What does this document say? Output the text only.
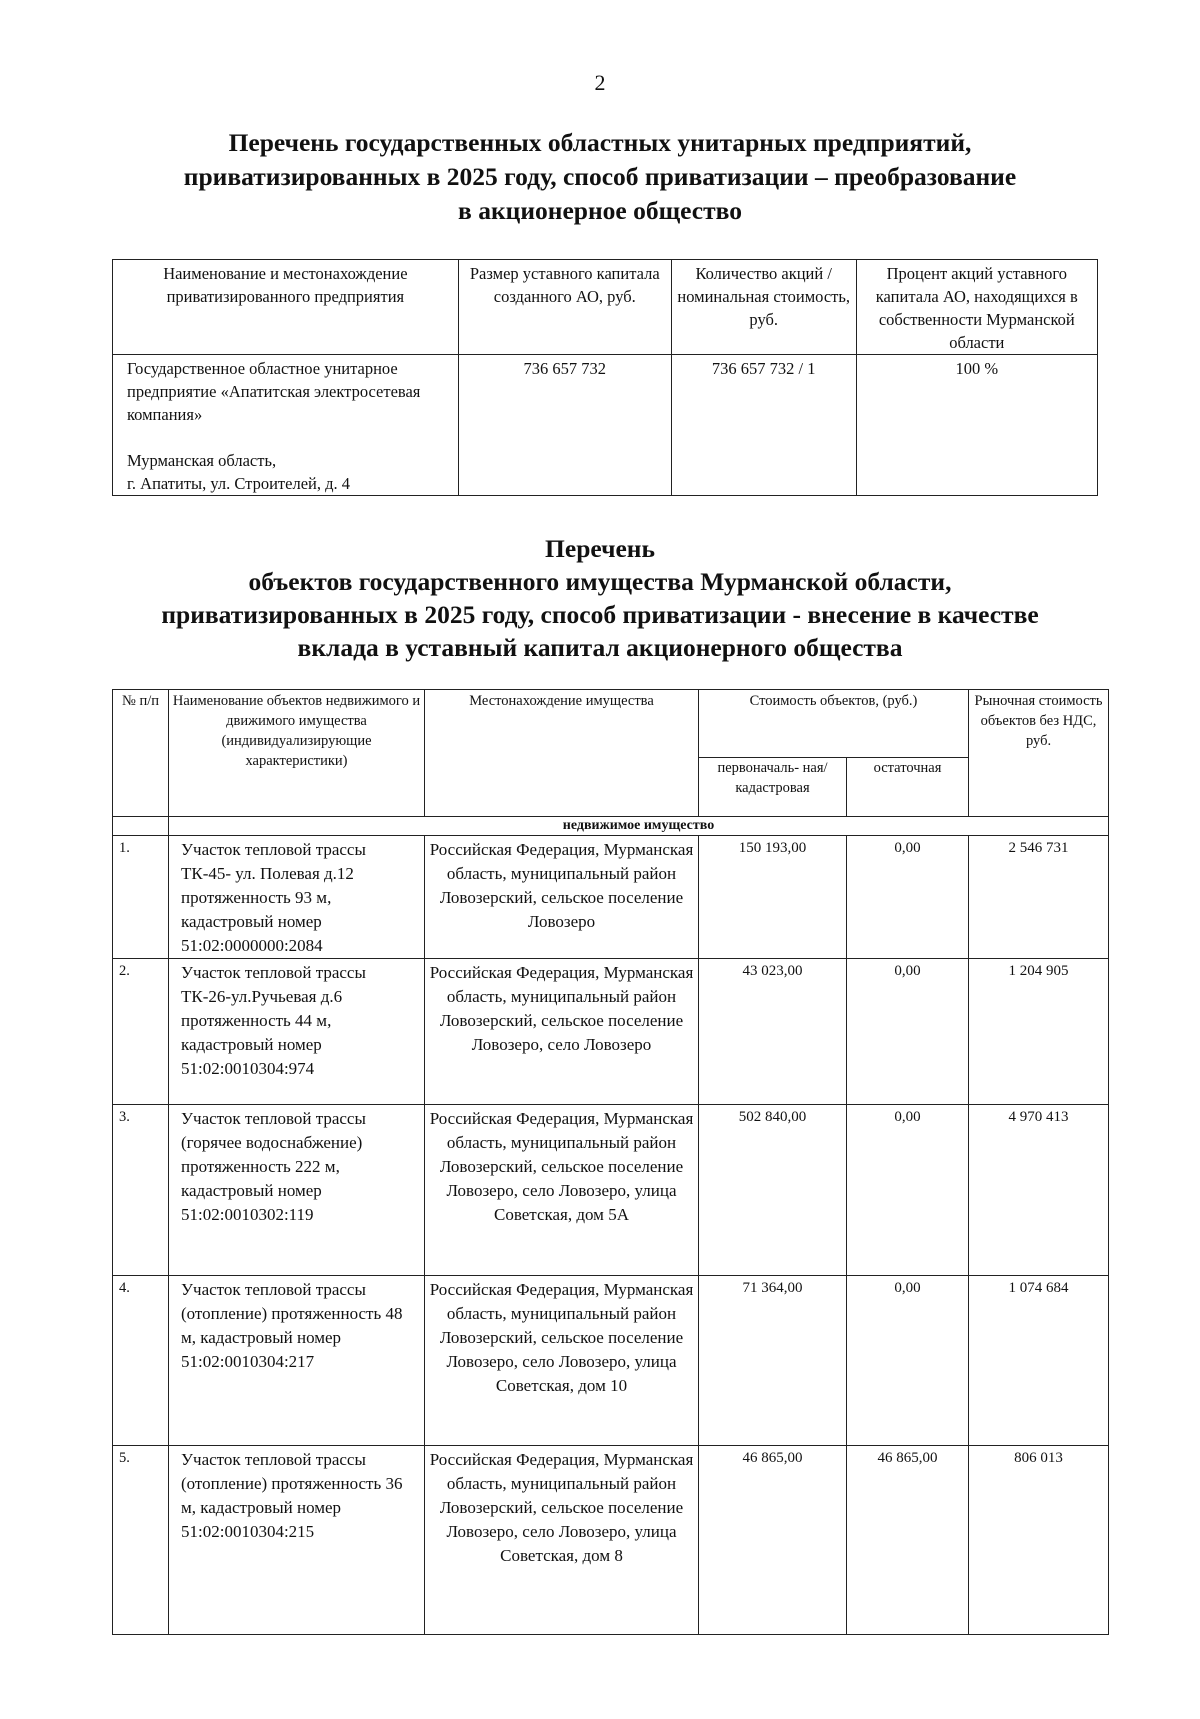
2
Перечень государственных областных унитарных предприятий,
приватизированных в 2025 году, способ приватизации – преобразование
в акционерное общество
Наименование и местонахождение приватизированного предприятия	Размер уставного капитала созданного АО, руб.	Количество акций / номинальная стоимость, руб.	Процент акций уставного капитала АО, находящихся в собственности Мурманской области
Государственное областное унитарное предприятие «Апатитская электросетевая компания»
Мурманская область,
г. Апатиты, ул. Строителей, д. 4	736 657 732	736 657 732 / 1	100 %
Перечень
объектов государственного имущества Мурманской области,
приватизированных в 2025 году, способ приватизации - внесение в качестве
вклада в уставный капитал акционерного общества
№ п/п	Наименование объектов недвижимого и движимого имущества (индивидуализирующие характеристики)	Местонахождение имущества	Стоимость объектов, (руб.)		Рыночная стоимость объектов без НДС, руб.
			первоначаль- ная/ кадастровая	остаточная	
	недвижимое имущество				
1.	Участок тепловой трассы ТК-45- ул. Полевая д.12 протяженность 93 м, кадастровый номер 51:02:0000000:2084	Российская Федерация, Мурманская область, муниципальный район Ловозерский, сельское поселение Ловозеро	150 193,00	0,00	2 546 731
2.	Участок тепловой трассы ТК-26-ул.Ручьевая д.6 протяженность 44 м, кадастровый номер 51:02:0010304:974	Российская Федерация, Мурманская область, муниципальный район Ловозерский, сельское поселение Ловозеро, село Ловозеро	43 023,00	0,00	1 204 905
3.	Участок тепловой трассы (горячее водоснабжение) протяженность 222 м, кадастровый номер 51:02:0010302:119	Российская Федерация, Мурманская область, муниципальный район Ловозерский, сельское поселение Ловозеро, село Ловозеро, улица Советская, дом 5А	502 840,00	0,00	4 970 413
4.	Участок тепловой трассы (отопление) протяженность 48 м, кадастровый номер 51:02:0010304:217	Российская Федерация, Мурманская область, муниципальный район Ловозерский, сельское поселение Ловозеро, село Ловозеро, улица Советская, дом 10	71 364,00	0,00	1 074 684
5.	Участок тепловой трассы (отопление) протяженность 36 м, кадастровый номер 51:02:0010304:215	Российская Федерация, Мурманская область, муниципальный район Ловозерский, сельское поселение Ловозеро, село Ловозеро, улица Советская, дом 8	46 865,00	46 865,00	806 013
